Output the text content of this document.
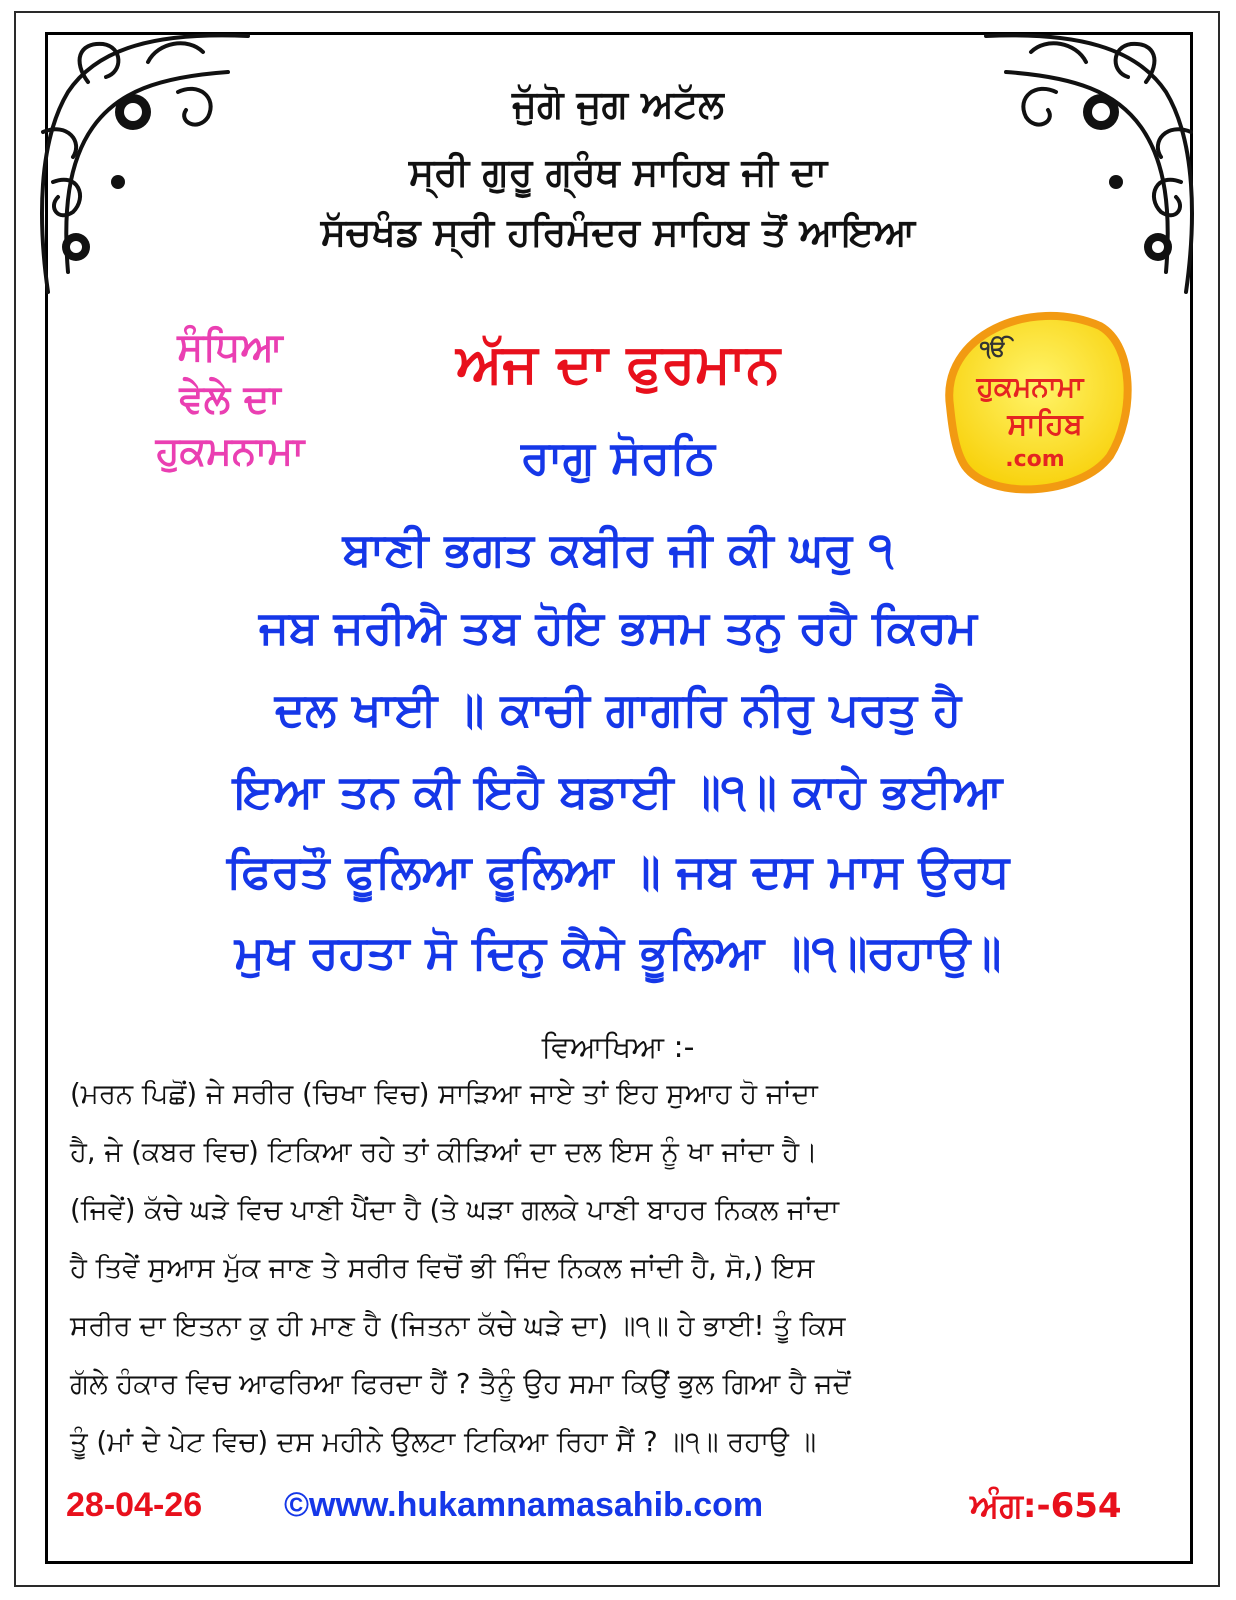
ਜੁੱਗੋ ਜੁਗ ਅਟੱਲ
ਸ੍ਰੀ ਗੁਰੂ ਗ੍ਰੰਥ ਸਾਹਿਬ ਜੀ ਦਾ
ਸੱਚਖੰਡ ਸ੍ਰੀ ਹਰਿਮੰਦਰ ਸਾਹਿਬ ਤੋਂ ਆਇਆ
ਸੰਧਿਆ
ਵੇਲੇ ਦਾ
ਹੁਕਮਨਾਮਾ
ਅੱਜ ਦਾ ਫੁਰਮਾਨ
ਰਾਗੁ ਸੋਰਠਿ
ੴ
ਹੁਕਮਨਾਮਾ
ਸਾਹਿਬ
.com
ਬਾਣੀ ਭਗਤ ਕਬੀਰ ਜੀ ਕੀ ਘਰੁ ੧
ਜਬ ਜਰੀਐ ਤਬ ਹੋਇ ਭਸਮ ਤਨੁ ਰਹੈ ਕਿਰਮ
ਦਲ ਖਾਈ ॥ ਕਾਚੀ ਗਾਗਰਿ ਨੀਰੁ ਪਰਤੁ ਹੈ
ਇਆ ਤਨ ਕੀ ਇਹੈ ਬਡਾਈ ॥੧॥ ਕਾਹੇ ਭਈਆ
ਫਿਰਤੌ ਫੂਲਿਆ ਫੂਲਿਆ ॥ ਜਬ ਦਸ ਮਾਸ ਉਰਧ
ਮੁਖ ਰਹਤਾ ਸੋ ਦਿਨੁ ਕੈਸੇ ਭੂਲਿਆ ॥੧॥ਰਹਾਉ॥
ਵਿਆਖਿਆ :-
(ਮਰਨ ਪਿਛੋਂ) ਜੇ ਸਰੀਰ (ਚਿਖਾ ਵਿਚ) ਸਾੜਿਆ ਜਾਏ ਤਾਂ ਇਹ ਸੁਆਹ ਹੋ ਜਾਂਦਾ
ਹੈ, ਜੇ (ਕਬਰ ਵਿਚ) ਟਿਕਿਆ ਰਹੇ ਤਾਂ ਕੀੜਿਆਂ ਦਾ ਦਲ ਇਸ ਨੂੰ ਖਾ ਜਾਂਦਾ ਹੈ।
(ਜਿਵੇਂ) ਕੱਚੇ ਘੜੇ ਵਿਚ ਪਾਣੀ ਪੈਂਦਾ ਹੈ (ਤੇ ਘੜਾ ਗਲਕੇ ਪਾਣੀ ਬਾਹਰ ਨਿਕਲ ਜਾਂਦਾ
ਹੈ ਤਿਵੇਂ ਸੁਆਸ ਮੁੱਕ ਜਾਣ ਤੇ ਸਰੀਰ ਵਿਚੋਂ ਭੀ ਜਿੰਦ ਨਿਕਲ ਜਾਂਦੀ ਹੈ, ਸੋ,) ਇਸ
ਸਰੀਰ ਦਾ ਇਤਨਾ ਕੁ ਹੀ ਮਾਣ ਹੈ (ਜਿਤਨਾ ਕੱਚੇ ਘੜੇ ਦਾ) ॥੧॥ ਹੇ ਭਾਈ! ਤੂੰ ਕਿਸ
ਗੱਲੇ ਹੰਕਾਰ ਵਿਚ ਆਫਰਿਆ ਫਿਰਦਾ ਹੈਂ ? ਤੈਨੂੰ ਉਹ ਸਮਾ ਕਿਉਂ ਭੁਲ ਗਿਆ ਹੈ ਜਦੋਂ
ਤੂੰ (ਮਾਂ ਦੇ ਪੇਟ ਵਿਚ) ਦਸ ਮਹੀਨੇ ਉਲਟਾ ਟਿਕਿਆ ਰਿਹਾ ਸੈਂ ? ॥੧॥ ਰਹਾਉ ॥
28-04-26 ©www.hukamnamasahib.com	ਅੰਗ:-654
